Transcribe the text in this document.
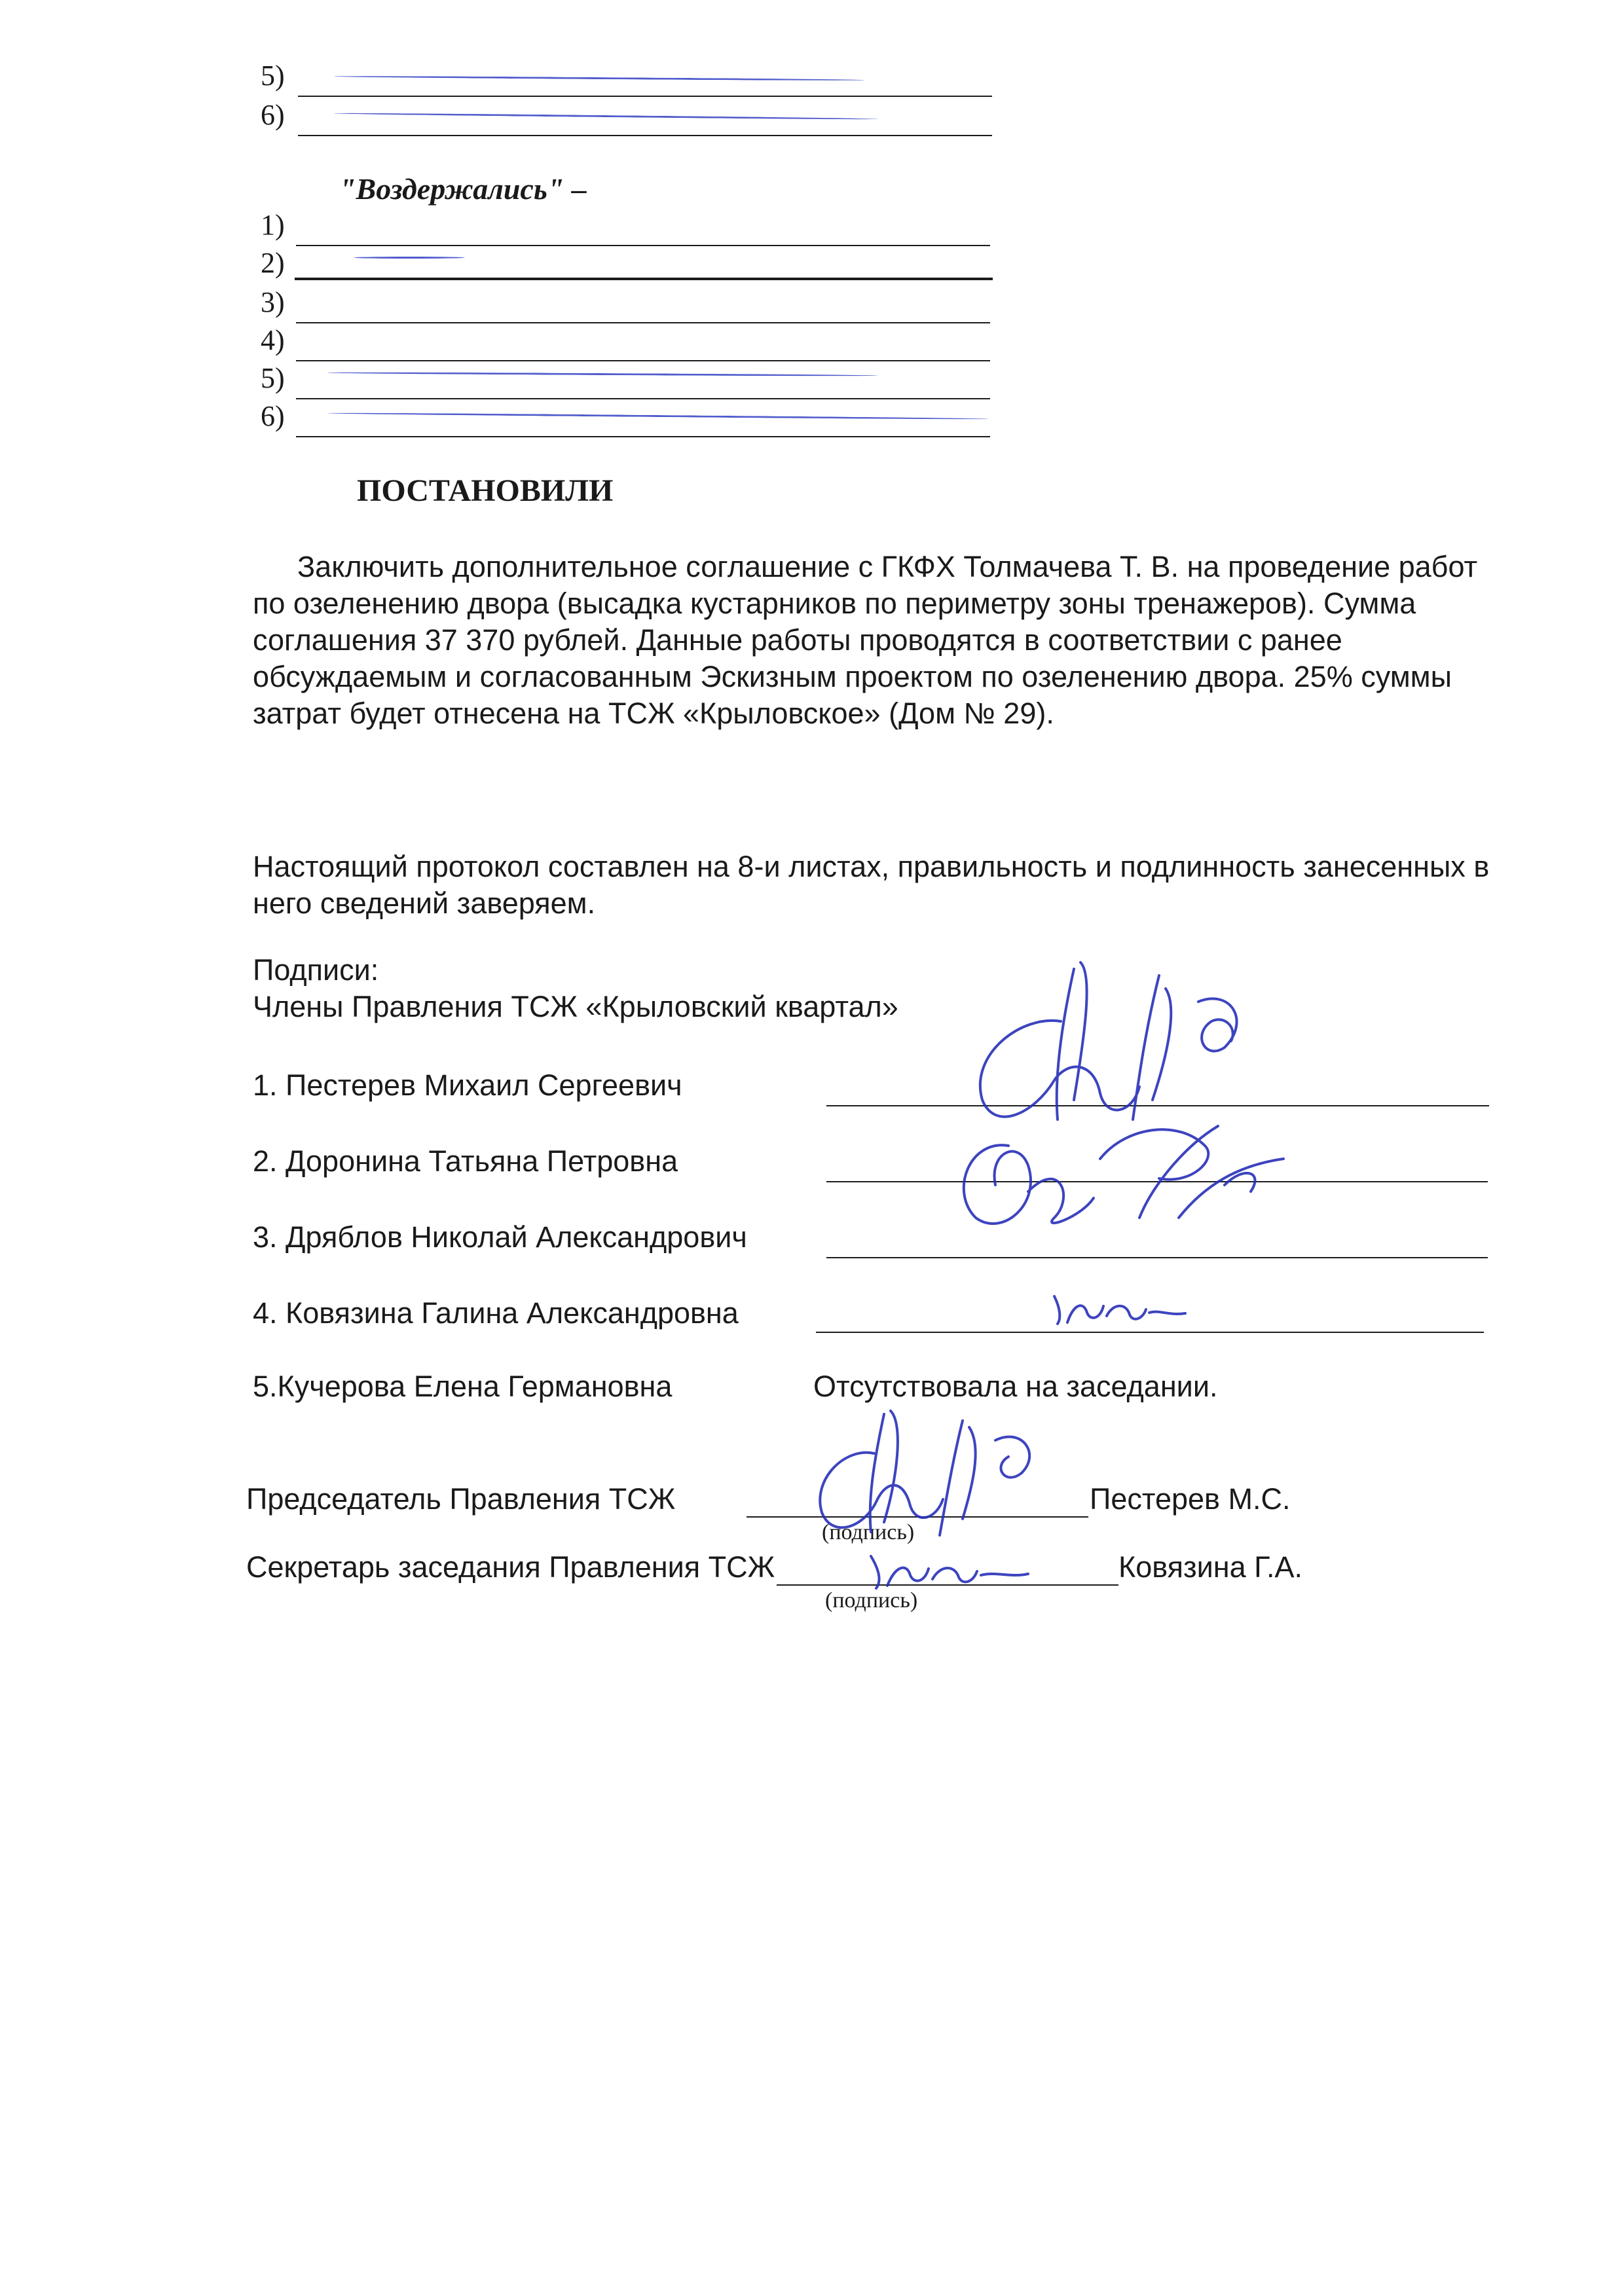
5)
6)
"Воздержались" –
1)
2)
3)
4)
5)
6)
ПОСТАНОВИЛИ
Заключить дополнительное соглашение с ГКФХ Толмачева Т. В. на проведение работ
по озеленению двора (высадка кустарников по периметру зоны тренажеров). Сумма
соглашения 37 370 рублей. Данные работы проводятся в соответствии с ранее
обсуждаемым и согласованным Эскизным проектом по озеленению двора. 25% суммы
затрат будет отнесена на ТСЖ «Крыловское» (Дом № 29).
Настоящий протокол составлен на 8-и листах, правильность и подлинность занесенных в
него сведений заверяем.
Подписи:
Члены Правления ТСЖ «Крыловский квартал»
1. Пестерев Михаил Сергеевич
2. Доронина Татьяна Петровна
3. Дряблов Николай Александрович
4. Ковязина Галина Александровна
5.Кучерова Елена Германовна	Отсутствовала на заседании.
Председатель Правления ТСЖ	Пестерев М.С.
(подпись)
Секретарь заседания Правления ТСЖ	Ковязина Г.А.
(подпись)
